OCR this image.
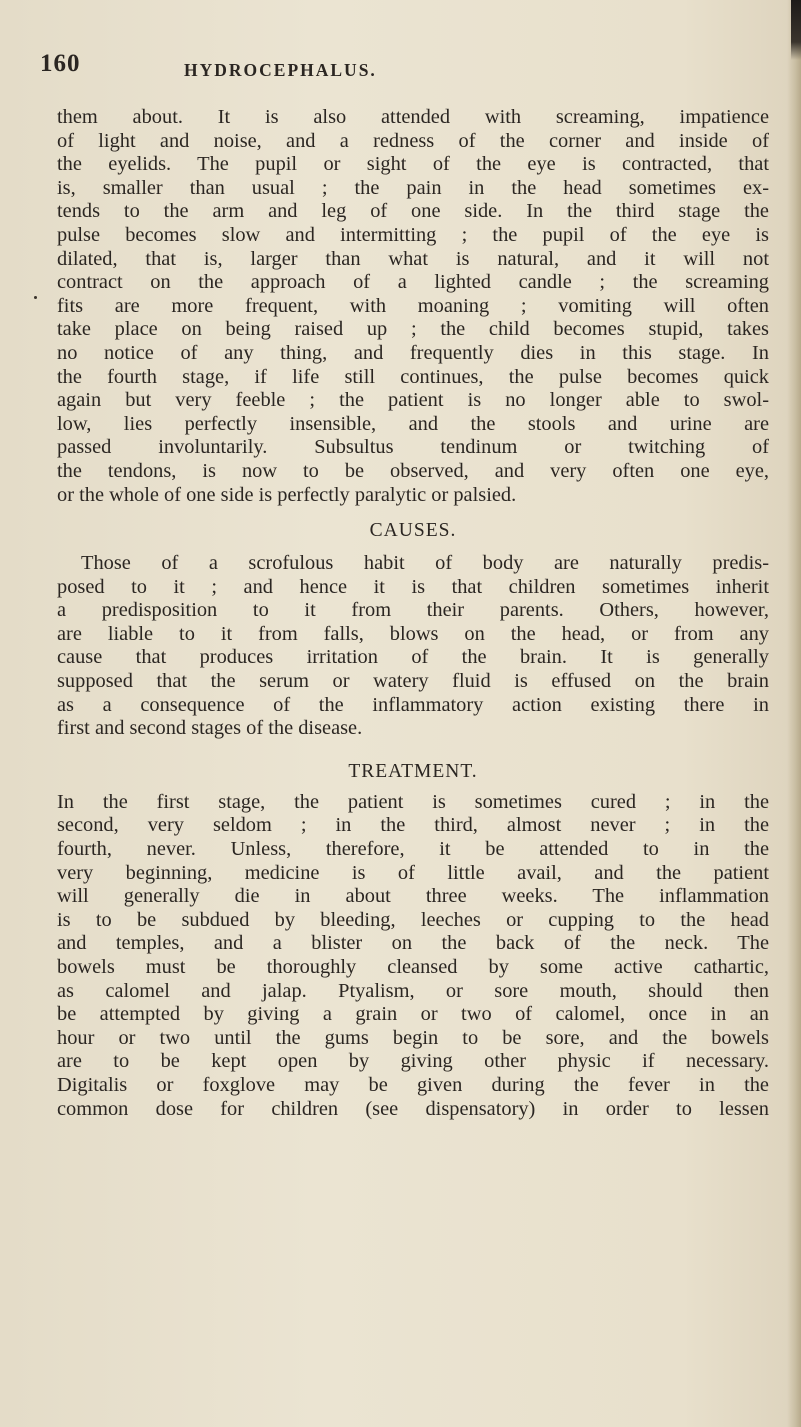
160	HYDROCEPHALUS.
them about. It is also attended with screaming, impatience
of light and noise, and a redness of the corner and inside of
the eyelids. The pupil or sight of the eye is contracted, that
is, smaller than usual ; the pain in the head sometimes ex-
tends to the arm and leg of one side. In the third stage the
pulse becomes slow and intermitting ; the pupil of the eye is
dilated, that is, larger than what is natural, and it will not
contract on the approach of a lighted candle ; the screaming
fits are more frequent, with moaning ; vomiting will often
take place on being raised up ; the child becomes stupid, takes
no notice of any thing, and frequently dies in this stage. In
the fourth stage, if life still continues, the pulse becomes quick
again but very feeble ; the patient is no longer able to swol-
low, lies perfectly insensible, and the stools and urine are
passed involuntarily. Subsultus tendinum or twitching of
the tendons, is now to be observed, and very often one eye,
or the whole of one side is perfectly paralytic or palsied.
CAUSES.
Those of a scrofulous habit of body are naturally predis-
posed to it ; and hence it is that children sometimes inherit
a predisposition to it from their parents. Others, however,
are liable to it from falls, blows on the head, or from any
cause that produces irritation of the brain. It is generally
supposed that the serum or watery fluid is effused on the brain
as a consequence of the inflammatory action existing there in
first and second stages of the disease.
TREATMENT.
In the first stage, the patient is sometimes cured ; in the
second, very seldom ; in the third, almost never ; in the
fourth, never. Unless, therefore, it be attended to in the
very beginning, medicine is of little avail, and the patient
will generally die in about three weeks. The inflammation
is to be subdued by bleeding, leeches or cupping to the head
and temples, and a blister on the back of the neck. The
bowels must be thoroughly cleansed by some active cathartic,
as calomel and jalap. Ptyalism, or sore mouth, should then
be attempted by giving a grain or two of calomel, once in an
hour or two until the gums begin to be sore, and the bowels
are to be kept open by giving other physic if necessary.
Digitalis or foxglove may be given during the fever in the
common dose for children (see dispensatory) in order to lessen
